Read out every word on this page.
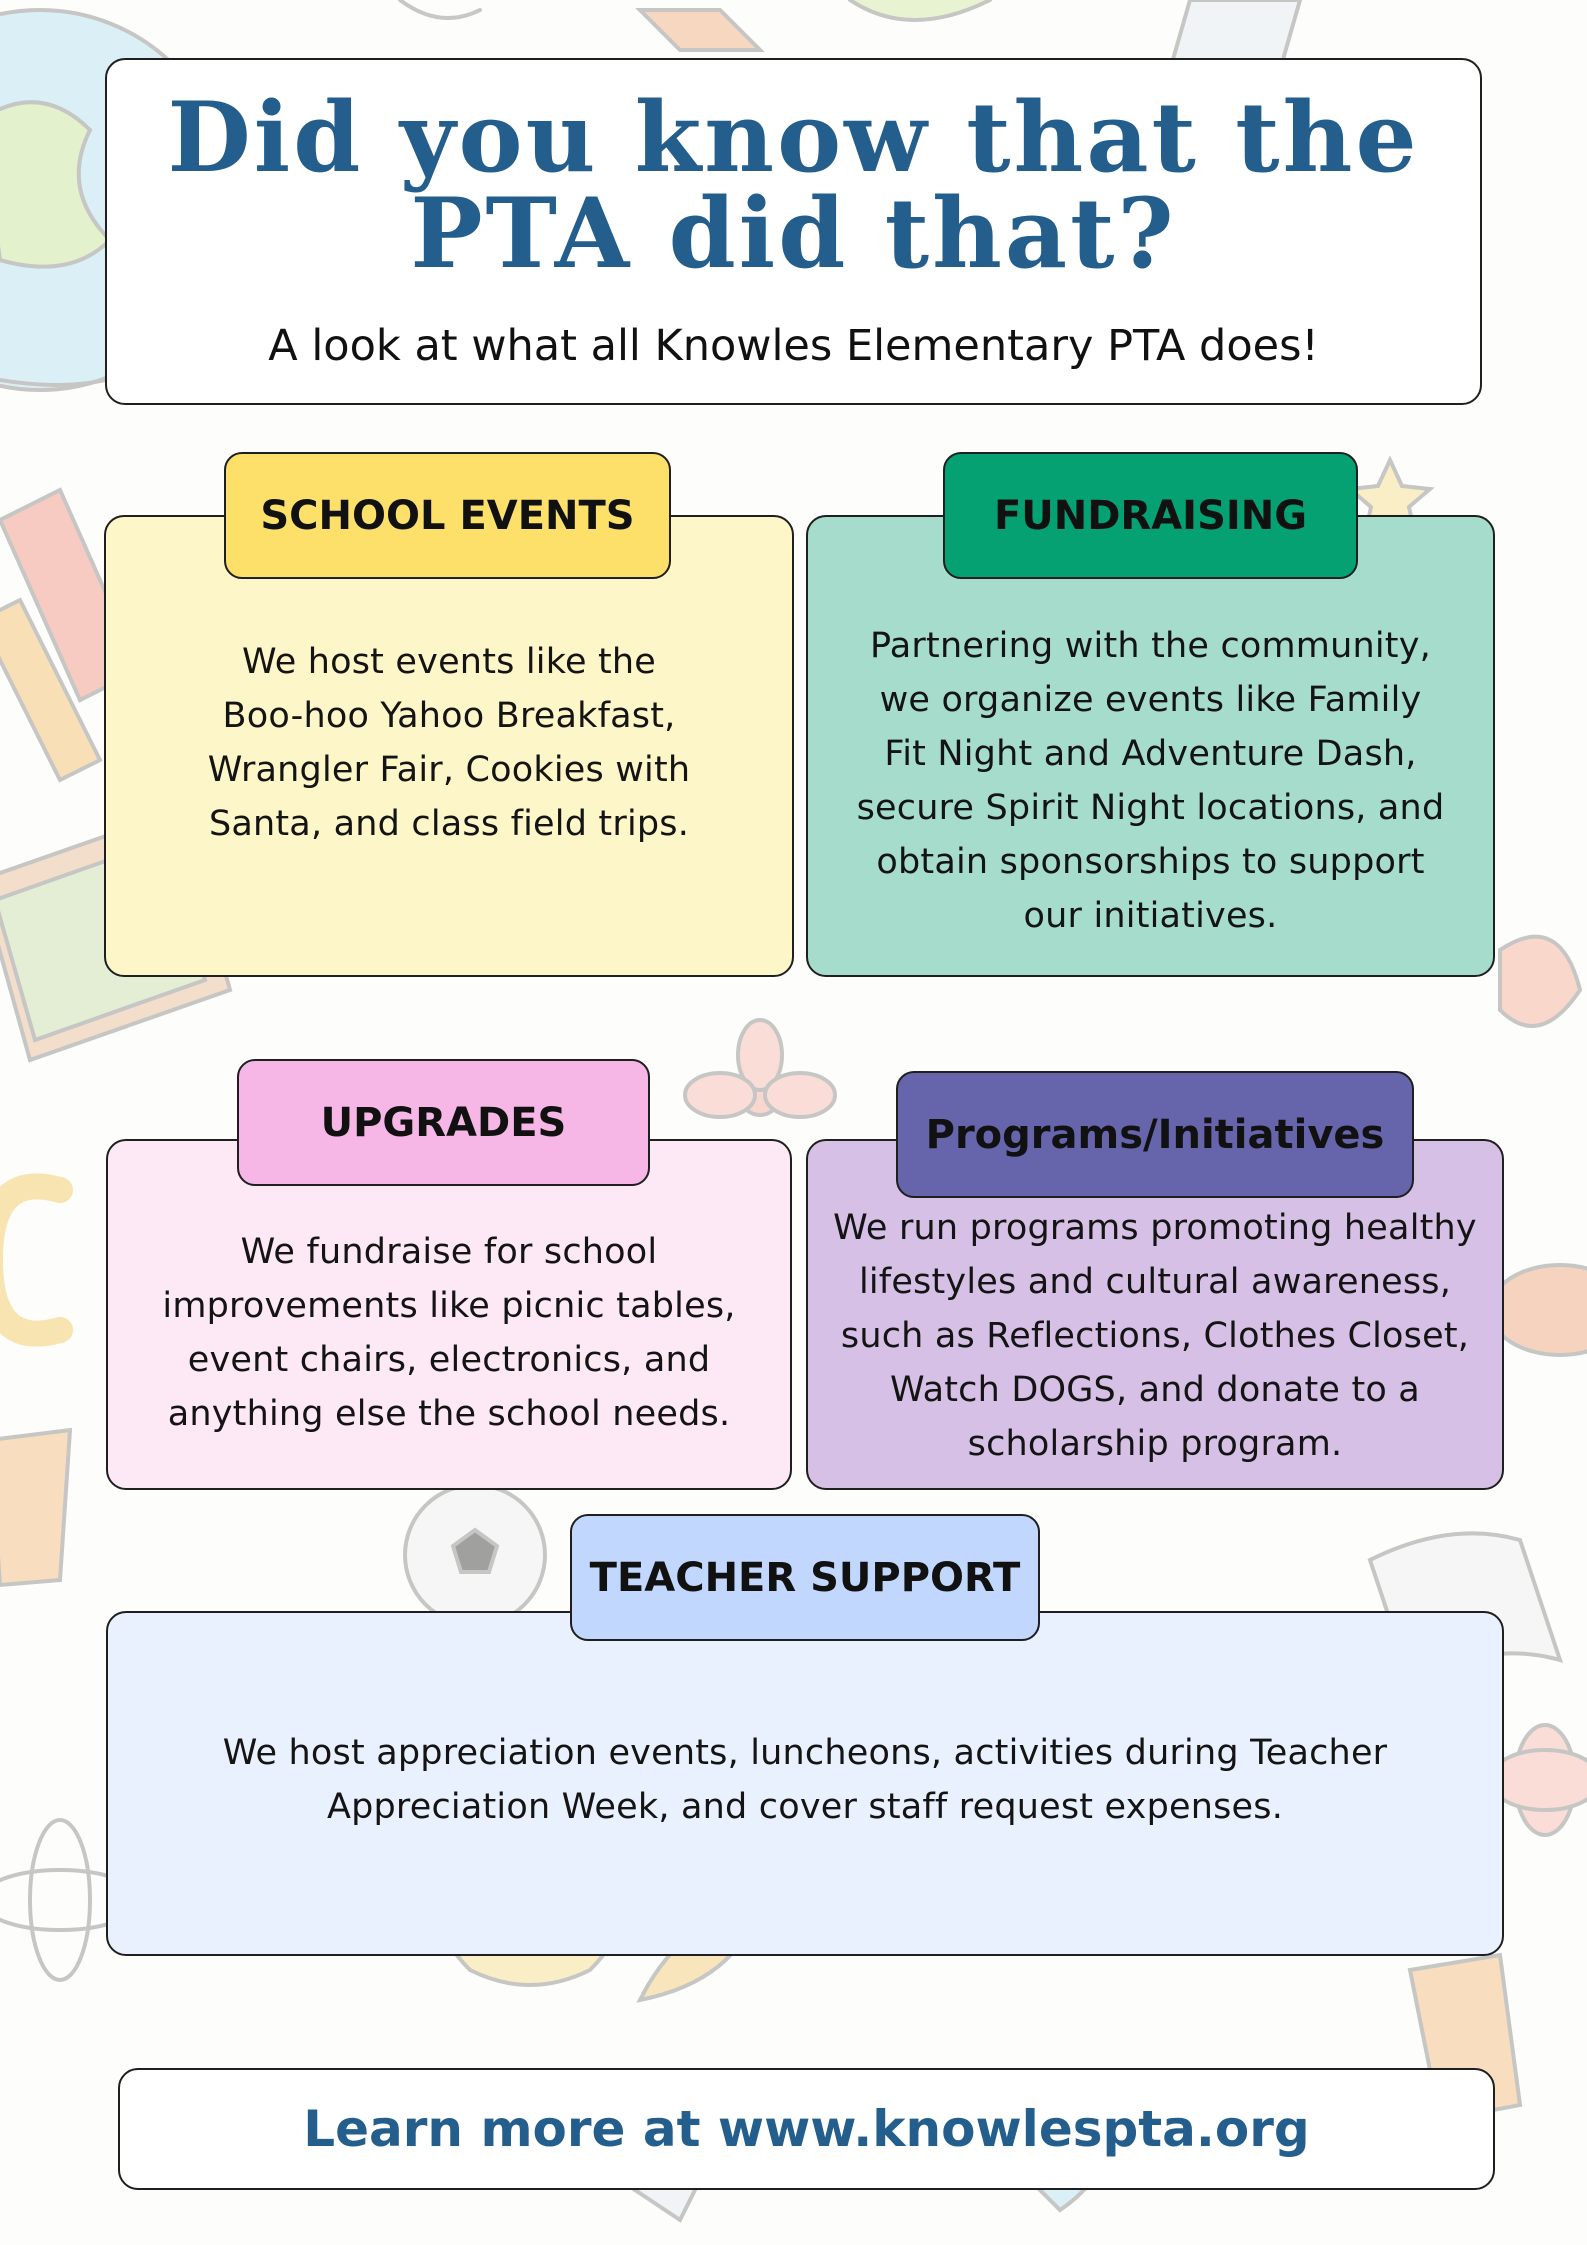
Did you know that the
PTA did that?
A look at what all Knowles Elementary PTA does!
SCHOOL EVENTS
We host events like the
Boo-hoo Yahoo Breakfast,
Wrangler Fair, Cookies with
Santa, and class field trips.
FUNDRAISING
Partnering with the community,
we organize events like Family
Fit Night and Adventure Dash,
secure Spirit Night locations, and
obtain sponsorships to support
our initiatives.
UPGRADES
We fundraise for school
improvements like picnic tables,
event chairs, electronics, and
anything else the school needs.
Programs/Initiatives
We run programs promoting healthy
lifestyles and cultural awareness,
such as Reflections, Clothes Closet,
Watch DOGS, and donate to a
scholarship program.
TEACHER SUPPORT
We host appreciation events, luncheons, activities during Teacher
Appreciation Week, and cover staff request expenses.
Learn more at www.knowlespta.org
